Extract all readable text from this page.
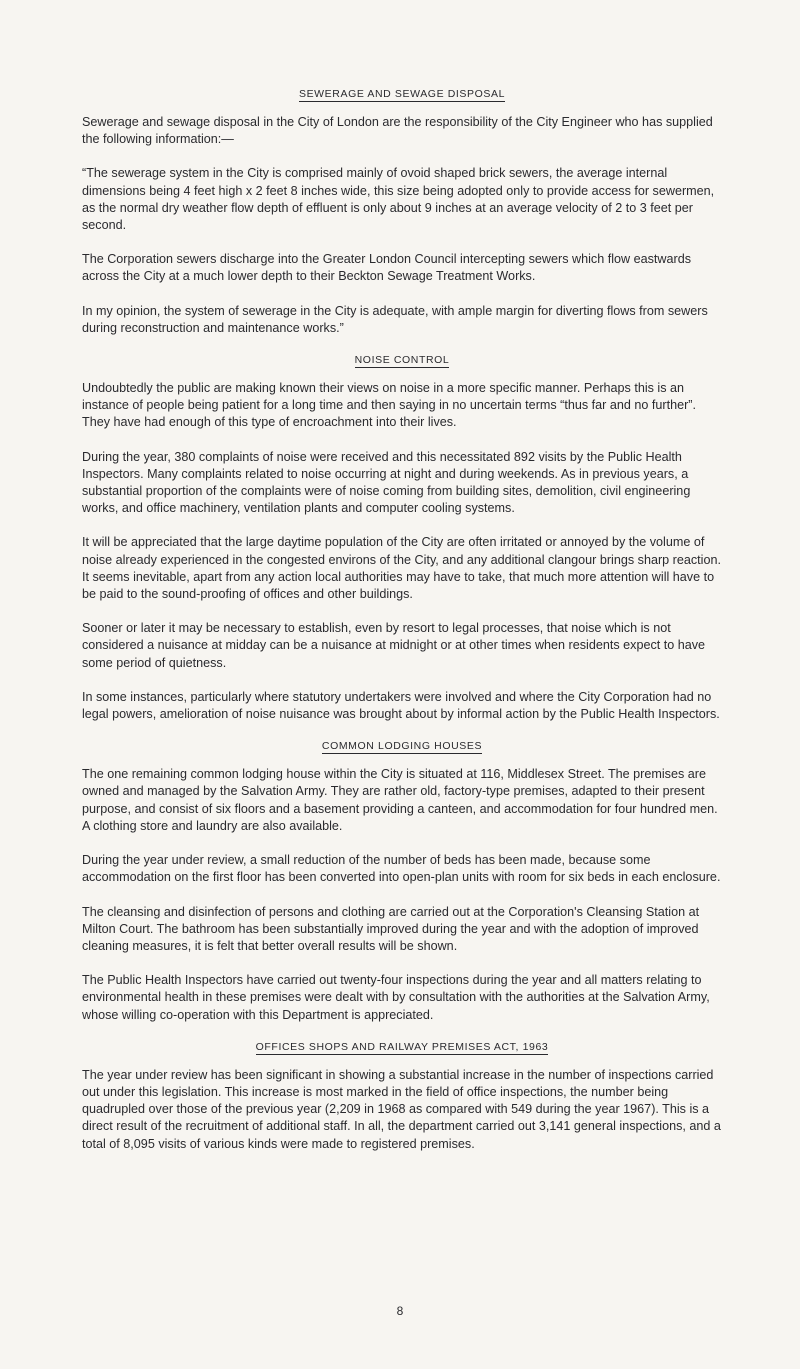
SEWERAGE AND SEWAGE DISPOSAL

Sewerage and sewage disposal in the City of London are the responsibility of the City Engineer who has supplied the following information:—

“The sewerage system in the City is comprised mainly of ovoid shaped brick sewers, the average internal dimensions being 4 feet high x 2 feet 8 inches wide, this size being adopted only to provide access for sewermen, as the normal dry weather flow depth of effluent is only about 9 inches at an average velocity of 2 to 3 feet per second.

The Corporation sewers discharge into the Greater London Council intercepting sewers which flow eastwards across the City at a much lower depth to their Beckton Sewage Treatment Works.

In my opinion, the system of sewerage in the City is adequate, with ample margin for diverting flows from sewers during reconstruction and maintenance works.”

NOISE CONTROL

Undoubtedly the public are making known their views on noise in a more specific manner. Perhaps this is an instance of people being patient for a long time and then saying in no uncertain terms “thus far and no further”. They have had enough of this type of encroachment into their lives.

During the year, 380 complaints of noise were received and this necessitated 892 visits by the Public Health Inspectors. Many complaints related to noise occurring at night and during weekends. As in previous years, a substantial proportion of the complaints were of noise coming from building sites, demolition, civil engineering works, and office machinery, ventilation plants and computer cooling systems.

It will be appreciated that the large daytime population of the City are often irritated or annoyed by the volume of noise already experienced in the congested environs of the City, and any additional clangour brings sharp reaction. It seems inevitable, apart from any action local authorities may have to take, that much more attention will have to be paid to the sound-proofing of offices and other buildings.

Sooner or later it may be necessary to establish, even by resort to legal processes, that noise which is not considered a nuisance at midday can be a nuisance at midnight or at other times when residents expect to have some period of quietness.

In some instances, particularly where statutory undertakers were involved and where the City Corporation had no legal powers, amelioration of noise nuisance was brought about by informal action by the Public Health Inspectors.

COMMON LODGING HOUSES

The one remaining common lodging house within the City is situated at 116, Middlesex Street. The premises are owned and managed by the Salvation Army. They are rather old, factory-type premises, adapted to their present purpose, and consist of six floors and a basement providing a canteen, and accommodation for four hundred men. A clothing store and laundry are also available.

During the year under review, a small reduction of the number of beds has been made, because some accommodation on the first floor has been converted into open-plan units with room for six beds in each enclosure.

The cleansing and disinfection of persons and clothing are carried out at the Corporation's Cleansing Station at Milton Court. The bathroom has been substantially improved during the year and with the adoption of improved cleaning measures, it is felt that better overall results will be shown.

The Public Health Inspectors have carried out twenty-four inspections during the year and all matters relating to environmental health in these premises were dealt with by consultation with the authorities at the Salvation Army, whose willing co-operation with this Department is appreciated.

OFFICES SHOPS AND RAILWAY PREMISES ACT, 1963

The year under review has been significant in showing a substantial increase in the number of inspections carried out under this legislation. This increase is most marked in the field of office inspections, the number being quadrupled over those of the previous year (2,209 in 1968 as compared with 549 during the year 1967). This is a direct result of the recruitment of additional staff. In all, the department carried out 3,141 general inspections, and a total of 8,095 visits of various kinds were made to registered premises.

8
